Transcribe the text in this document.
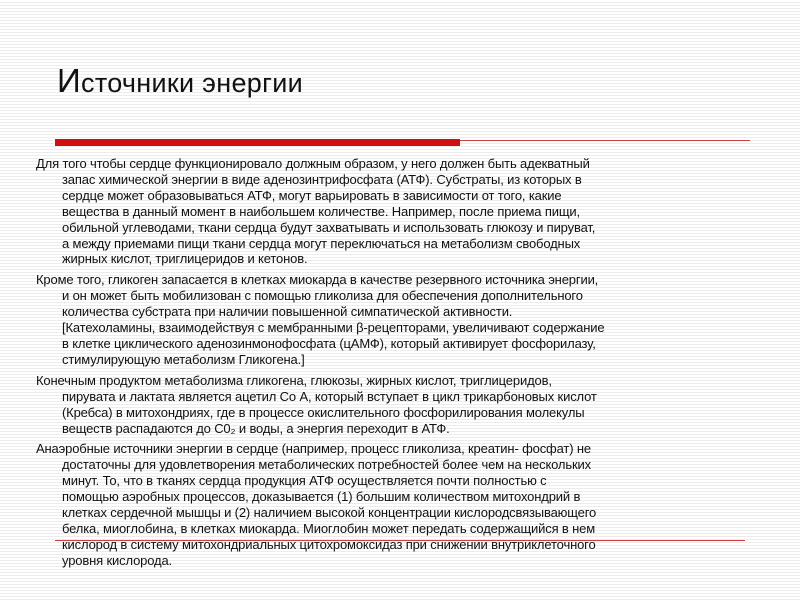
Источники энергии
Для того чтобы сердце функционировало должным образом, у него должен быть адекватный
запас химической энергии в виде аденозинтрифосфата (АТФ). Субстраты, из которых в
сердце может образовываться АТФ, могут варьировать в зависимости от того, какие
вещества в данный момент в наибольшем количестве. Например, после приема пищи,
обильной углеводами, ткани сердца будут захватывать и использовать глюкозу и пируват,
а между приемами пищи ткани сердца могут переключаться на метаболизм свободных
жирных кислот, триглицеридов и кетонов.
Кроме того, гликоген запасается в клетках миокарда в качестве резервного источника энергии,
и он может быть мобилизован с помощью гликолиза для обеспечения дополнительного
количества субстрата при наличии повышенной симпатической активности.
[Катехоламины, взаимодействуя с мембранными β-рецепторами, увеличивают содержание
в клетке циклического аденозинмонофосфата (цАМФ), который активирует фосфорилазу,
стимулирующую метаболизм Гликогена.]
Конечным продуктом метаболизма гликогена, глюкозы, жирных кислот, триглицеридов,
пирувата и лактата является ацетил Со А, который вступает в цикл трикарбоновых кислот
(Кребса) в митохондриях, где в процессе окислительного фосфорилирования молекулы
веществ распадаются до С0₂ и воды, а энергия переходит в АТФ.
Анаэробные источники энергии в сердце (например, процесс гликолиза, креатин- фосфат) не
достаточны для удовлетворения метаболических потребностей более чем на нескольких
минут. То, что в тканях сердца продукция АТФ осуществляется почти полностью с
помощью аэробных процессов, доказывается (1) большим количеством митохондрий в
клетках сердечной мышцы и (2) наличием высокой концентрации кислородсвязывающего
белка, миоглобина, в клетках миокарда. Миоглобин может передать содержащийся в нем
кислород в систему митохондриальных цитохромоксидаз при снижении внутриклеточного
уровня кислорода.
